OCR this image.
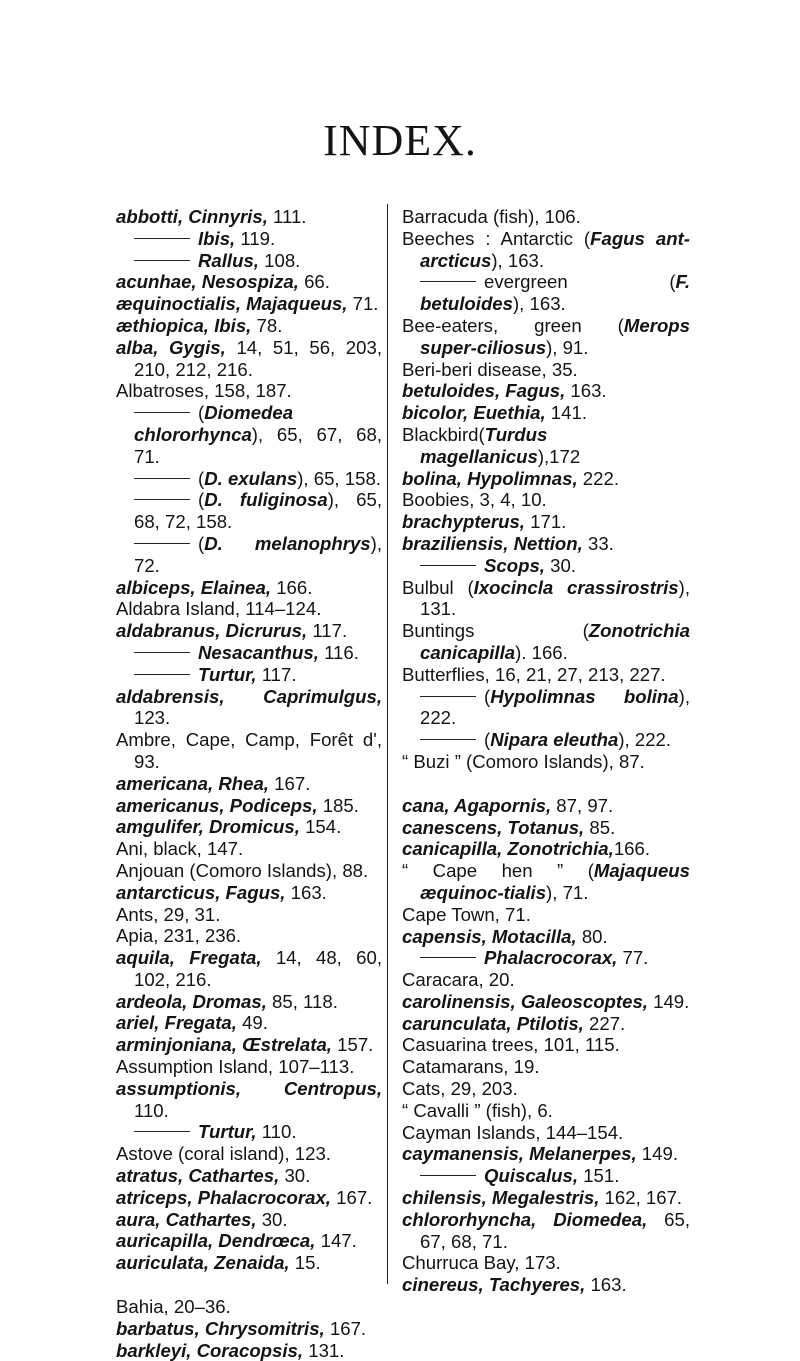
INDEX.
abbotti, Cinnyris, 111.
Ibis, 119.
Rallus, 108.
acunhae, Nesospiza, 66.
æquinoctialis, Majaqueus, 71.
æthiopica, Ibis, 78.
alba, Gygis, 14, 51, 56, 203, 210, 212, 216.
Albatroses, 158, 187.
(Diomedea chlororhynca), 65, 67, 68, 71.
(D. exulans), 65, 158.
(D. fuliginosa), 65, 68, 72, 158.
(D. melanophrys), 72.
albiceps, Elainea, 166.
Aldabra Island, 114–124.
aldabranus, Dicrurus, 117.
Nesacanthus, 116.
Turtur, 117.
aldabrensis, Caprimulgus, 123.
Ambre, Cape, Camp, Forêt d', 93.
americana, Rhea, 167.
americanus, Podiceps, 185.
amgulifer, Dromicus, 154.
Ani, black, 147.
Anjouan (Comoro Islands), 88.
antarcticus, Fagus, 163.
Ants, 29, 31.
Apia, 231, 236.
aquila, Fregata, 14, 48, 60, 102, 216.
ardeola, Dromas, 85, 118.
ariel, Fregata, 49.
arminjoniana, Œstrelata, 157.
Assumption Island, 107–113.
assumptionis, Centropus, 110.
Turtur, 110.
Astove (coral island), 123.
atratus, Cathartes, 30.
atriceps, Phalacrocorax, 167.
aura, Cathartes, 30.
auricapilla, Dendrœca, 147.
auriculata, Zenaida, 15.
Bahia, 20–36.
barbatus, Chrysomitris, 167.
barkleyi, Coracopsis, 131.
Barracuda (fish), 106.
Beeches : Antarctic (Fagus ant-arcticus), 163.
evergreen (F. betuloides), 163.
Bee-eaters, green (Merops super-ciliosus), 91.
Beri-beri disease, 35.
betuloides, Fagus, 163.
bicolor, Euethia, 141.
Blackbird(Turdus magellanicus),172
bolina, Hypolimnas, 222.
Boobies, 3, 4, 10.
brachypterus, 171.
braziliensis, Nettion, 33.
Scops, 30.
Bulbul (Ixocincla crassirostris), 131.
Buntings (Zonotrichia canicapilla). 166.
Butterflies, 16, 21, 27, 213, 227.
(Hypolimnas bolina), 222.
(Nipara eleutha), 222.
“ Buzi ” (Comoro Islands), 87.
cana, Agapornis, 87, 97.
canescens, Totanus, 85.
canicapilla, Zonotrichia,166.
“ Cape hen ” (Majaqueus æquinoc-tialis), 71.
Cape Town, 71.
capensis, Motacilla, 80.
Phalacrocorax, 77.
Caracara, 20.
carolinensis, Galeoscoptes, 149.
carunculata, Ptilotis, 227.
Casuarina trees, 101, 115.
Catamarans, 19.
Cats, 29, 203.
“ Cavalli ” (fish), 6.
Cayman Islands, 144–154.
caymanensis, Melanerpes, 149.
Quiscalus, 151.
chilensis, Megalestris, 162, 167.
chlororhyncha, Diomedea, 65, 67, 68, 71.
Churruca Bay, 173.
cinereus, Tachyeres, 163.
